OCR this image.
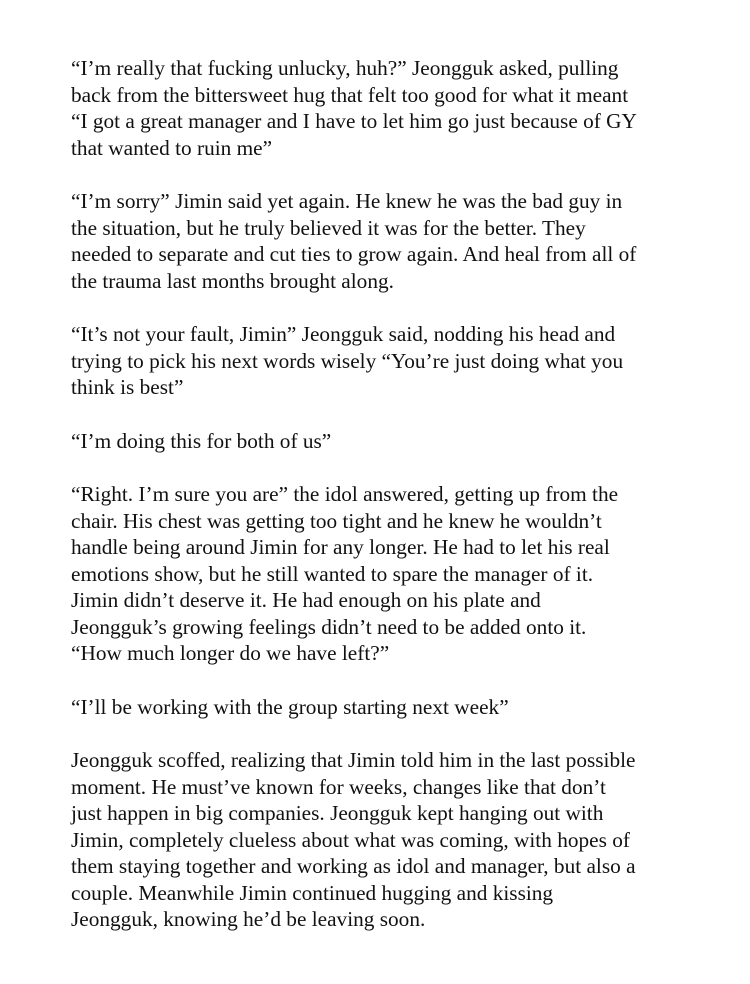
“I’m really that fucking unlucky, huh?” Jeongguk asked, pulling
back from the bittersweet hug that felt too good for what it meant
“I got a great manager and I have to let him go just because of GY
that wanted to ruin me”

“I’m sorry” Jimin said yet again. He knew he was the bad guy in
the situation, but he truly believed it was for the better. They
needed to separate and cut ties to grow again. And heal from all of
the trauma last months brought along.

“It’s not your fault, Jimin” Jeongguk said, nodding his head and
trying to pick his next words wisely “You’re just doing what you
think is best”

“I’m doing this for both of us”

“Right. I’m sure you are” the idol answered, getting up from the
chair. His chest was getting too tight and he knew he wouldn’t
handle being around Jimin for any longer. He had to let his real
emotions show, but he still wanted to spare the manager of it.
Jimin didn’t deserve it. He had enough on his plate and
Jeongguk’s growing feelings didn’t need to be added onto it.
“How much longer do we have left?”

“I’ll be working with the group starting next week”

Jeongguk scoffed, realizing that Jimin told him in the last possible
moment. He must’ve known for weeks, changes like that don’t
just happen in big companies. Jeongguk kept hanging out with
Jimin, completely clueless about what was coming, with hopes of
them staying together and working as idol and manager, but also a
couple. Meanwhile Jimin continued hugging and kissing
Jeongguk, knowing he’d be leaving soon.
